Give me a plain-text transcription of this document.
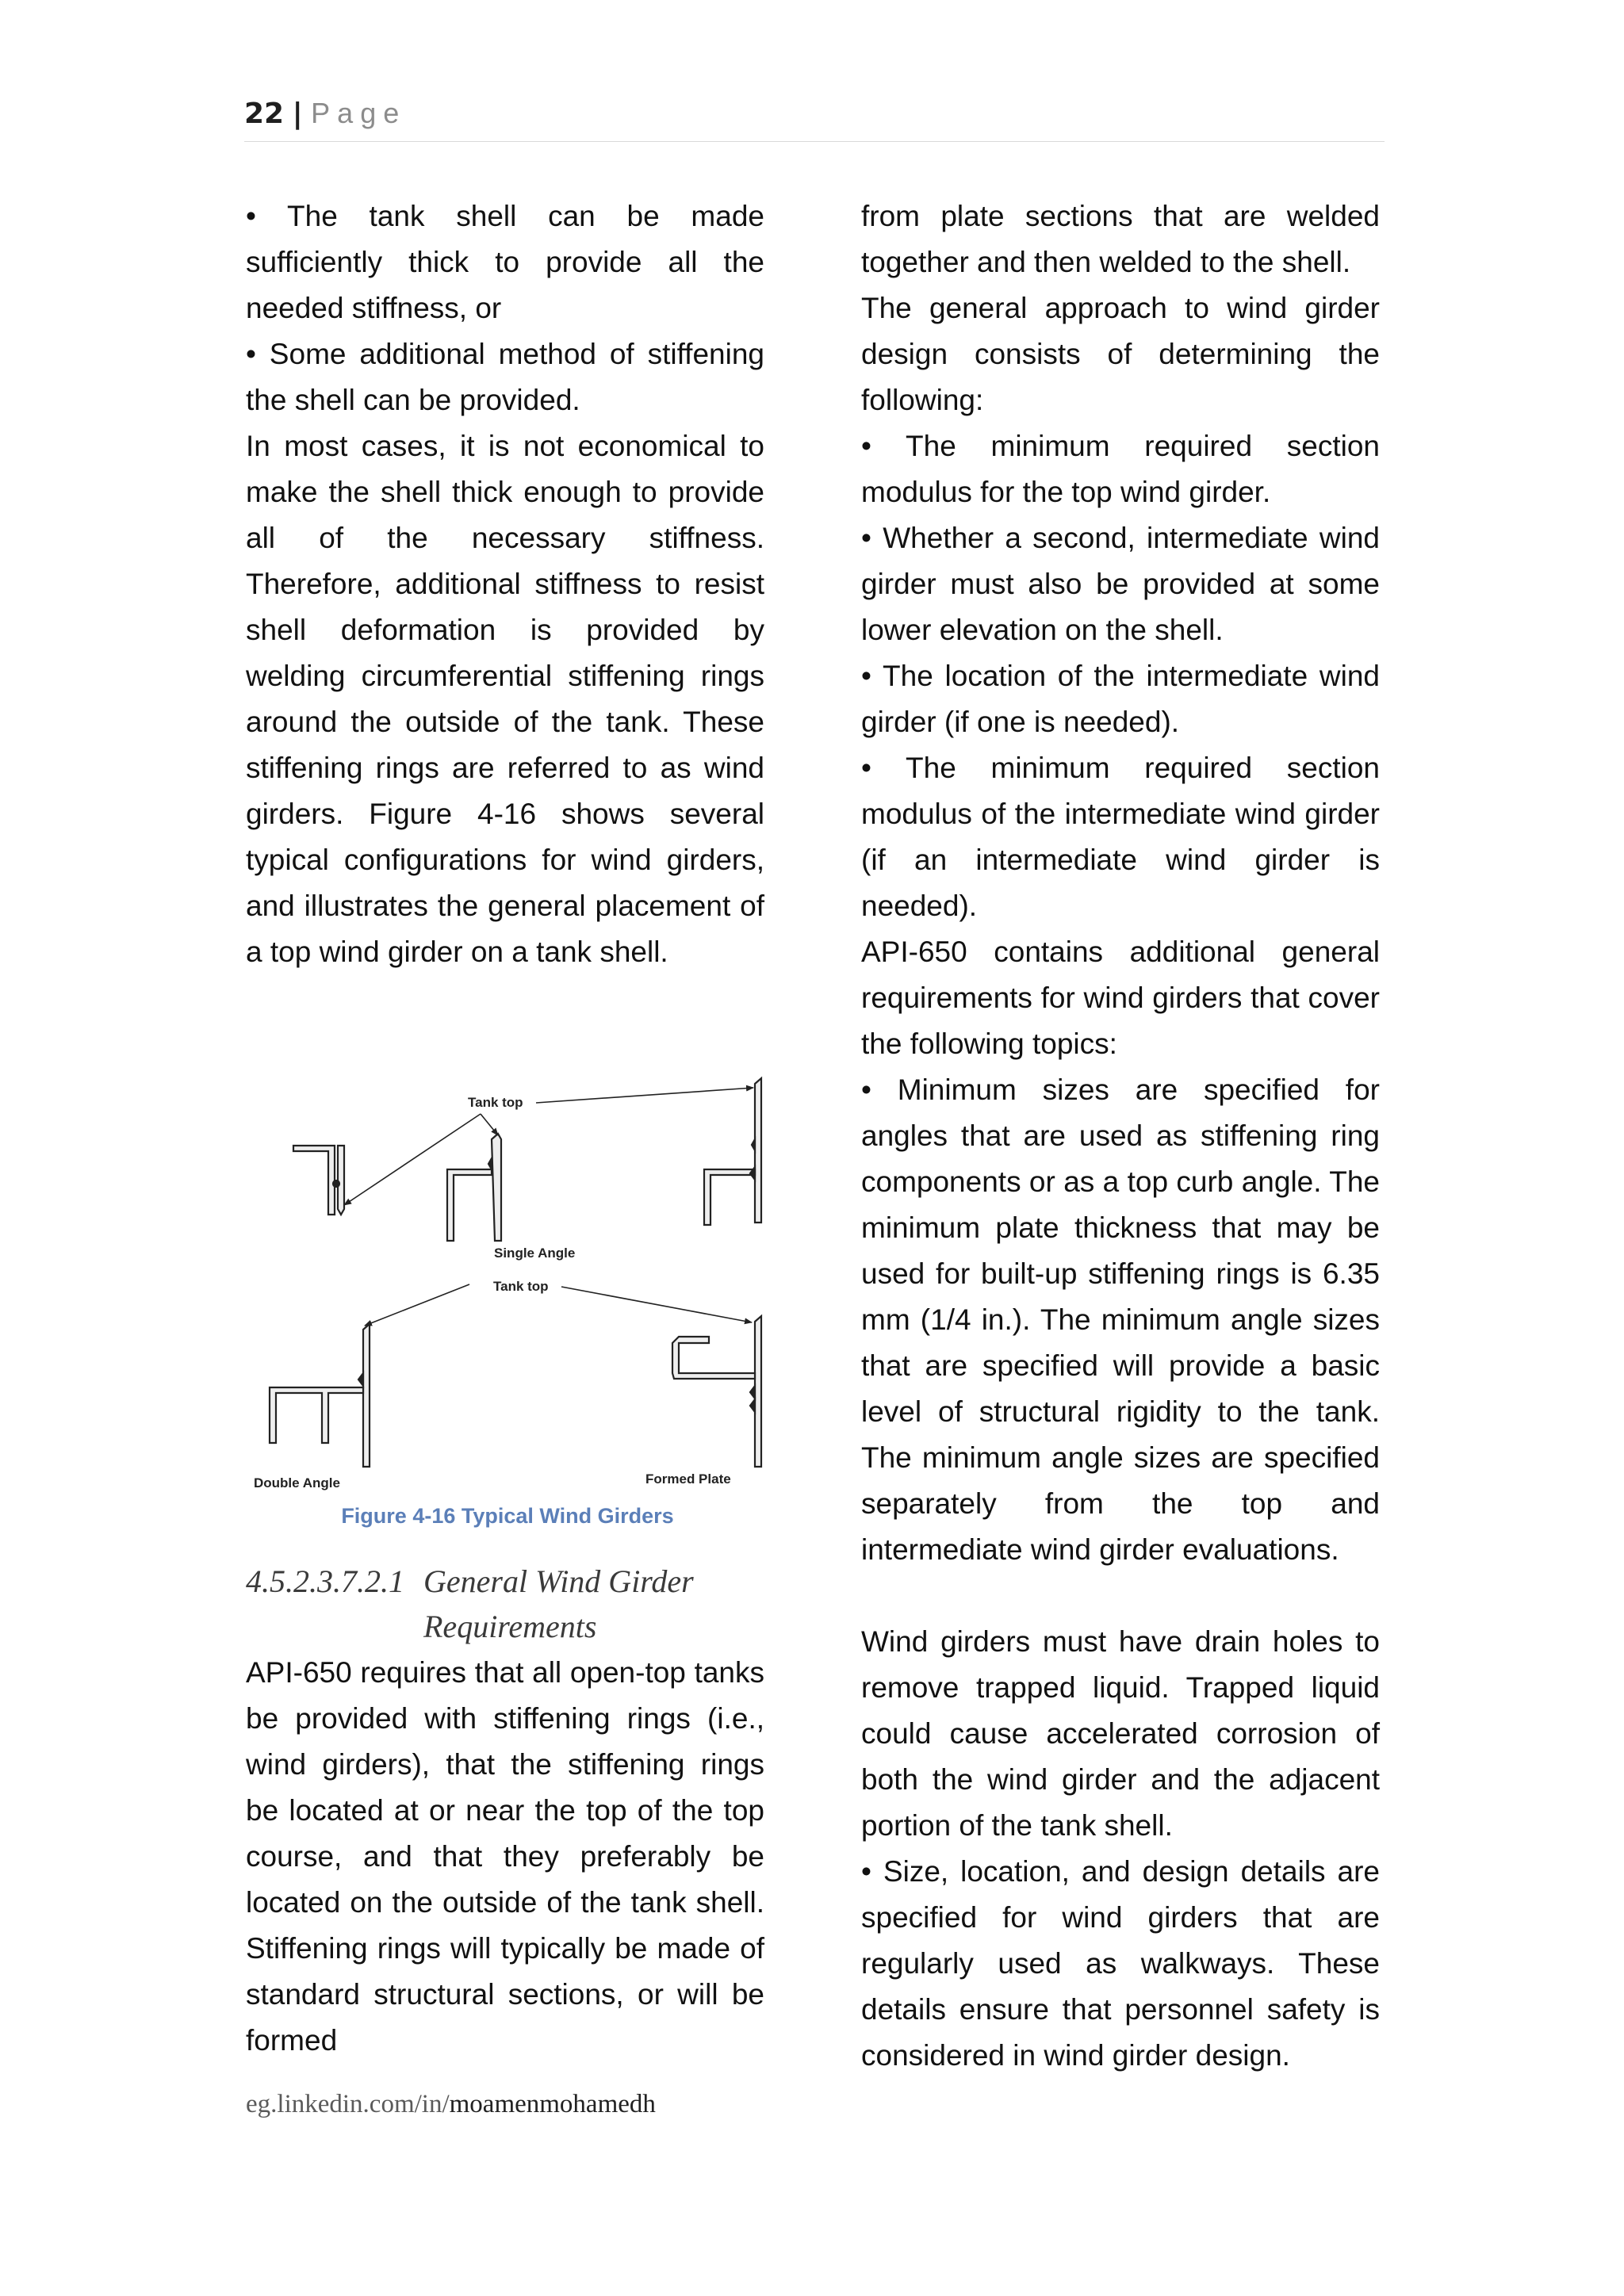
22 | Page

• The tank shell can be made sufficiently thick to provide all the needed stiffness, or

• Some additional method of stiffening the shell can be provided.

In most cases, it is not economical to make the shell thick enough to provide all of the necessary stiffness. Therefore, additional stiffness to resist shell deformation is provided by welding circumferential stiffening rings around the outside of the tank. These stiffening rings are referred to as wind girders. Figure 4-16 shows several typical configurations for wind girders, and illustrates the general placement of a top wind girder on a tank shell.

Tank top
Single Angle
Tank top
Double Angle	Formed Plate
Figure 4-16 Typical Wind Girders
4.5.2.3.7.2.1 General Wind Girder
Requirements

API-650 requires that all open-top tanks be provided with stiffening rings (i.e., wind girders), that the stiffening rings be located at or near the top of the top course, and that they preferably be located on the outside of the tank shell. Stiffening rings will typically be made of standard structural sections, or will be formed

from plate sections that are welded together and then welded to the shell.

The general approach to wind girder design consists of determining the following:

• The minimum required section modulus for the top wind girder.

• Whether a second, intermediate wind girder must also be provided at some lower elevation on the shell.

• The location of the intermediate wind girder (if one is needed).

• The minimum required section modulus of the intermediate wind girder (if an intermediate wind girder is needed).

API-650 contains additional general requirements for wind girders that cover the following topics:

• Minimum sizes are specified for angles that are used as stiffening ring components or as a top curb angle. The minimum plate thickness that may be used for built-up stiffening rings is 6.35 mm (1/4 in.). The minimum angle sizes that are specified will provide a basic level of structural rigidity to the tank. The minimum angle sizes are specified separately from the top and intermediate wind girder evaluations.

Wind girders must have drain holes to remove trapped liquid. Trapped liquid could cause accelerated corrosion of both the wind girder and the adjacent portion of the tank shell.

• Size, location, and design details are specified for wind girders that are regularly used as walkways. These details ensure that personnel safety is considered in wind girder design.

eg.linkedin.com/in/moamenmohamedh
